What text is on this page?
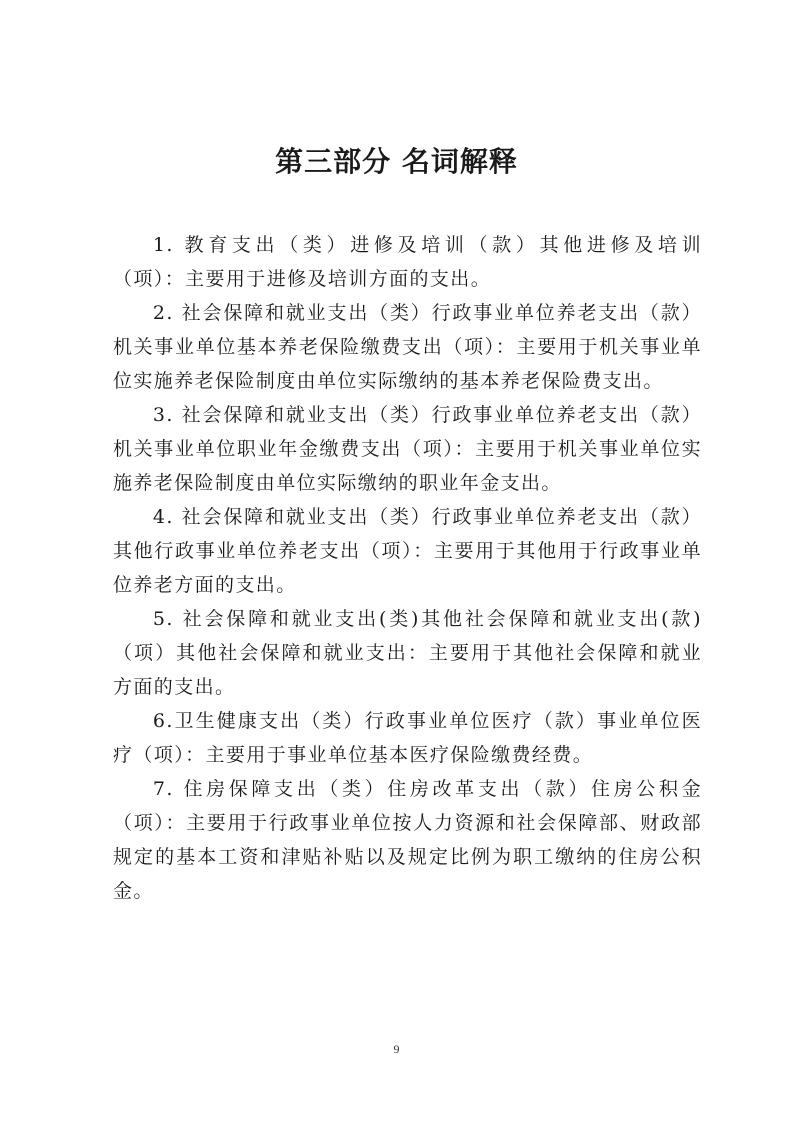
第三部分 名词解释

1. 教育支出（类）进修及培训（款）其他进修及培训（项）：主要用于进修及培训方面的支出。

2. 社会保障和就业支出（类）行政事业单位养老支出（款）机关事业单位基本养老保险缴费支出（项）：主要用于机关事业单位实施养老保险制度由单位实际缴纳的基本养老保险费支出。

3. 社会保障和就业支出（类）行政事业单位养老支出（款）机关事业单位职业年金缴费支出（项）：主要用于机关事业单位实施养老保险制度由单位实际缴纳的职业年金支出。

4. 社会保障和就业支出（类）行政事业单位养老支出（款）其他行政事业单位养老支出（项）：主要用于其他用于行政事业单位养老方面的支出。

5. 社会保障和就业支出(类)其他社会保障和就业支出(款)（项）其他社会保障和就业支出：主要用于其他社会保障和就业方面的支出。

6.卫生健康支出（类）行政事业单位医疗（款）事业单位医疗（项）：主要用于事业单位基本医疗保险缴费经费。

7. 住房保障支出（类）住房改革支出（款）住房公积金（项）：主要用于行政事业单位按人力资源和社会保障部、财政部规定的基本工资和津贴补贴以及规定比例为职工缴纳的住房公积金。

9
